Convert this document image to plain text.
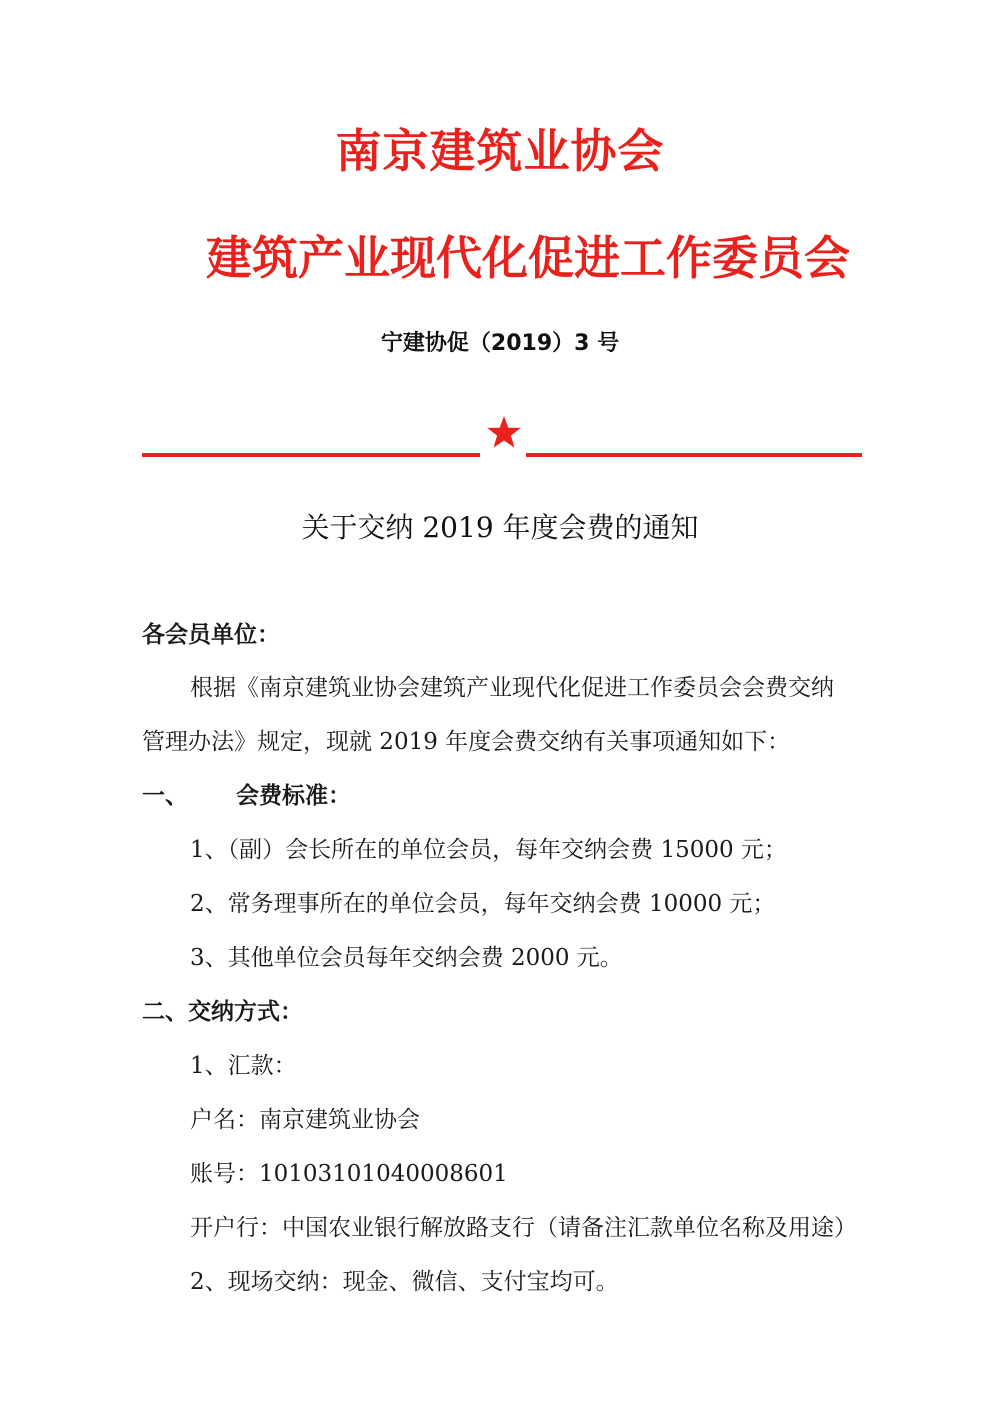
南京建筑业协会
建筑产业现代化促进工作委员会
宁建协促（2019）3 号
关于交纳 2019 年度会费的通知
各会员单位：
根据《南京建筑业协会建筑产业现代化促进工作委员会会费交纳
管理办法》规定，现就 2019 年度会费交纳有关事项通知如下：
一、 会费标准：
1、（副）会长所在的单位会员，每年交纳会费 15000 元；
2、常务理事所在的单位会员，每年交纳会费 10000 元；
3、其他单位会员每年交纳会费 2000 元。
二、交纳方式：
1、汇款：
户名：南京建筑业协会
账号：10103101040008601
开户行：中国农业银行解放路支行（请备注汇款单位名称及用途）
2、现场交纳：现金、微信、支付宝均可。
